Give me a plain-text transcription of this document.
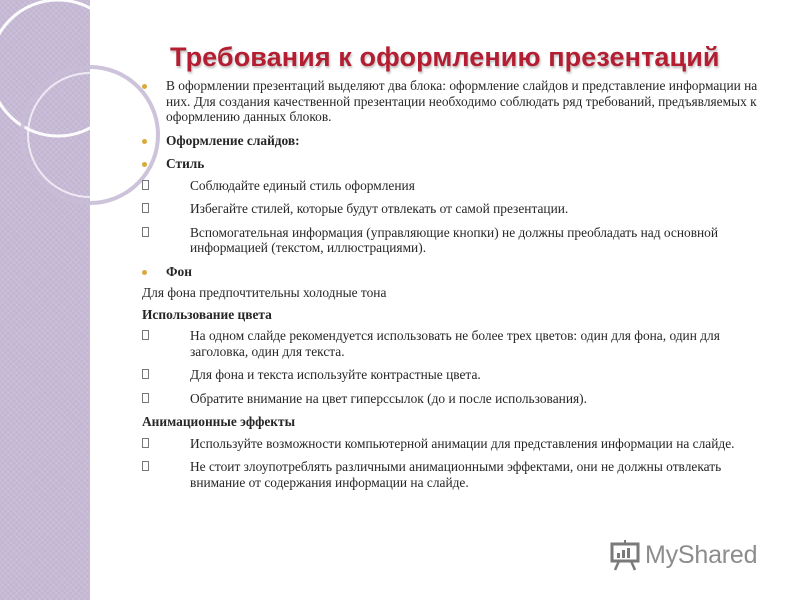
Требования к оформлению презентаций
В оформлении презентаций выделяют два блока: оформление слайдов и представление информации на них. Для создания качественной презентации необходимо соблюдать ряд требований, предъявляемых к оформлению данных блоков.
Оформление слайдов:
Стиль
Соблюдайте единый стиль оформления
Избегайте стилей, которые будут отвлекать от самой презентации.
Вспомогательная информация (управляющие кнопки) не должны преобладать над основной информацией (текстом, иллюстрациями).
Фон
Для фона предпочтительны холодные тона
Использование цвета
На одном слайде рекомендуется использовать не более трех цветов: один для фона, один для заголовка, один для текста.
Для фона и текста используйте контрастные цвета.
Обратите внимание на цвет гиперссылок (до и после использования).
Анимационные эффекты
Используйте возможности компьютерной анимации для представления информации на слайде.
Не стоит злоупотреблять различными анимационными эффектами, они не должны отвлекать внимание от содержания информации на слайде.
MyShared
